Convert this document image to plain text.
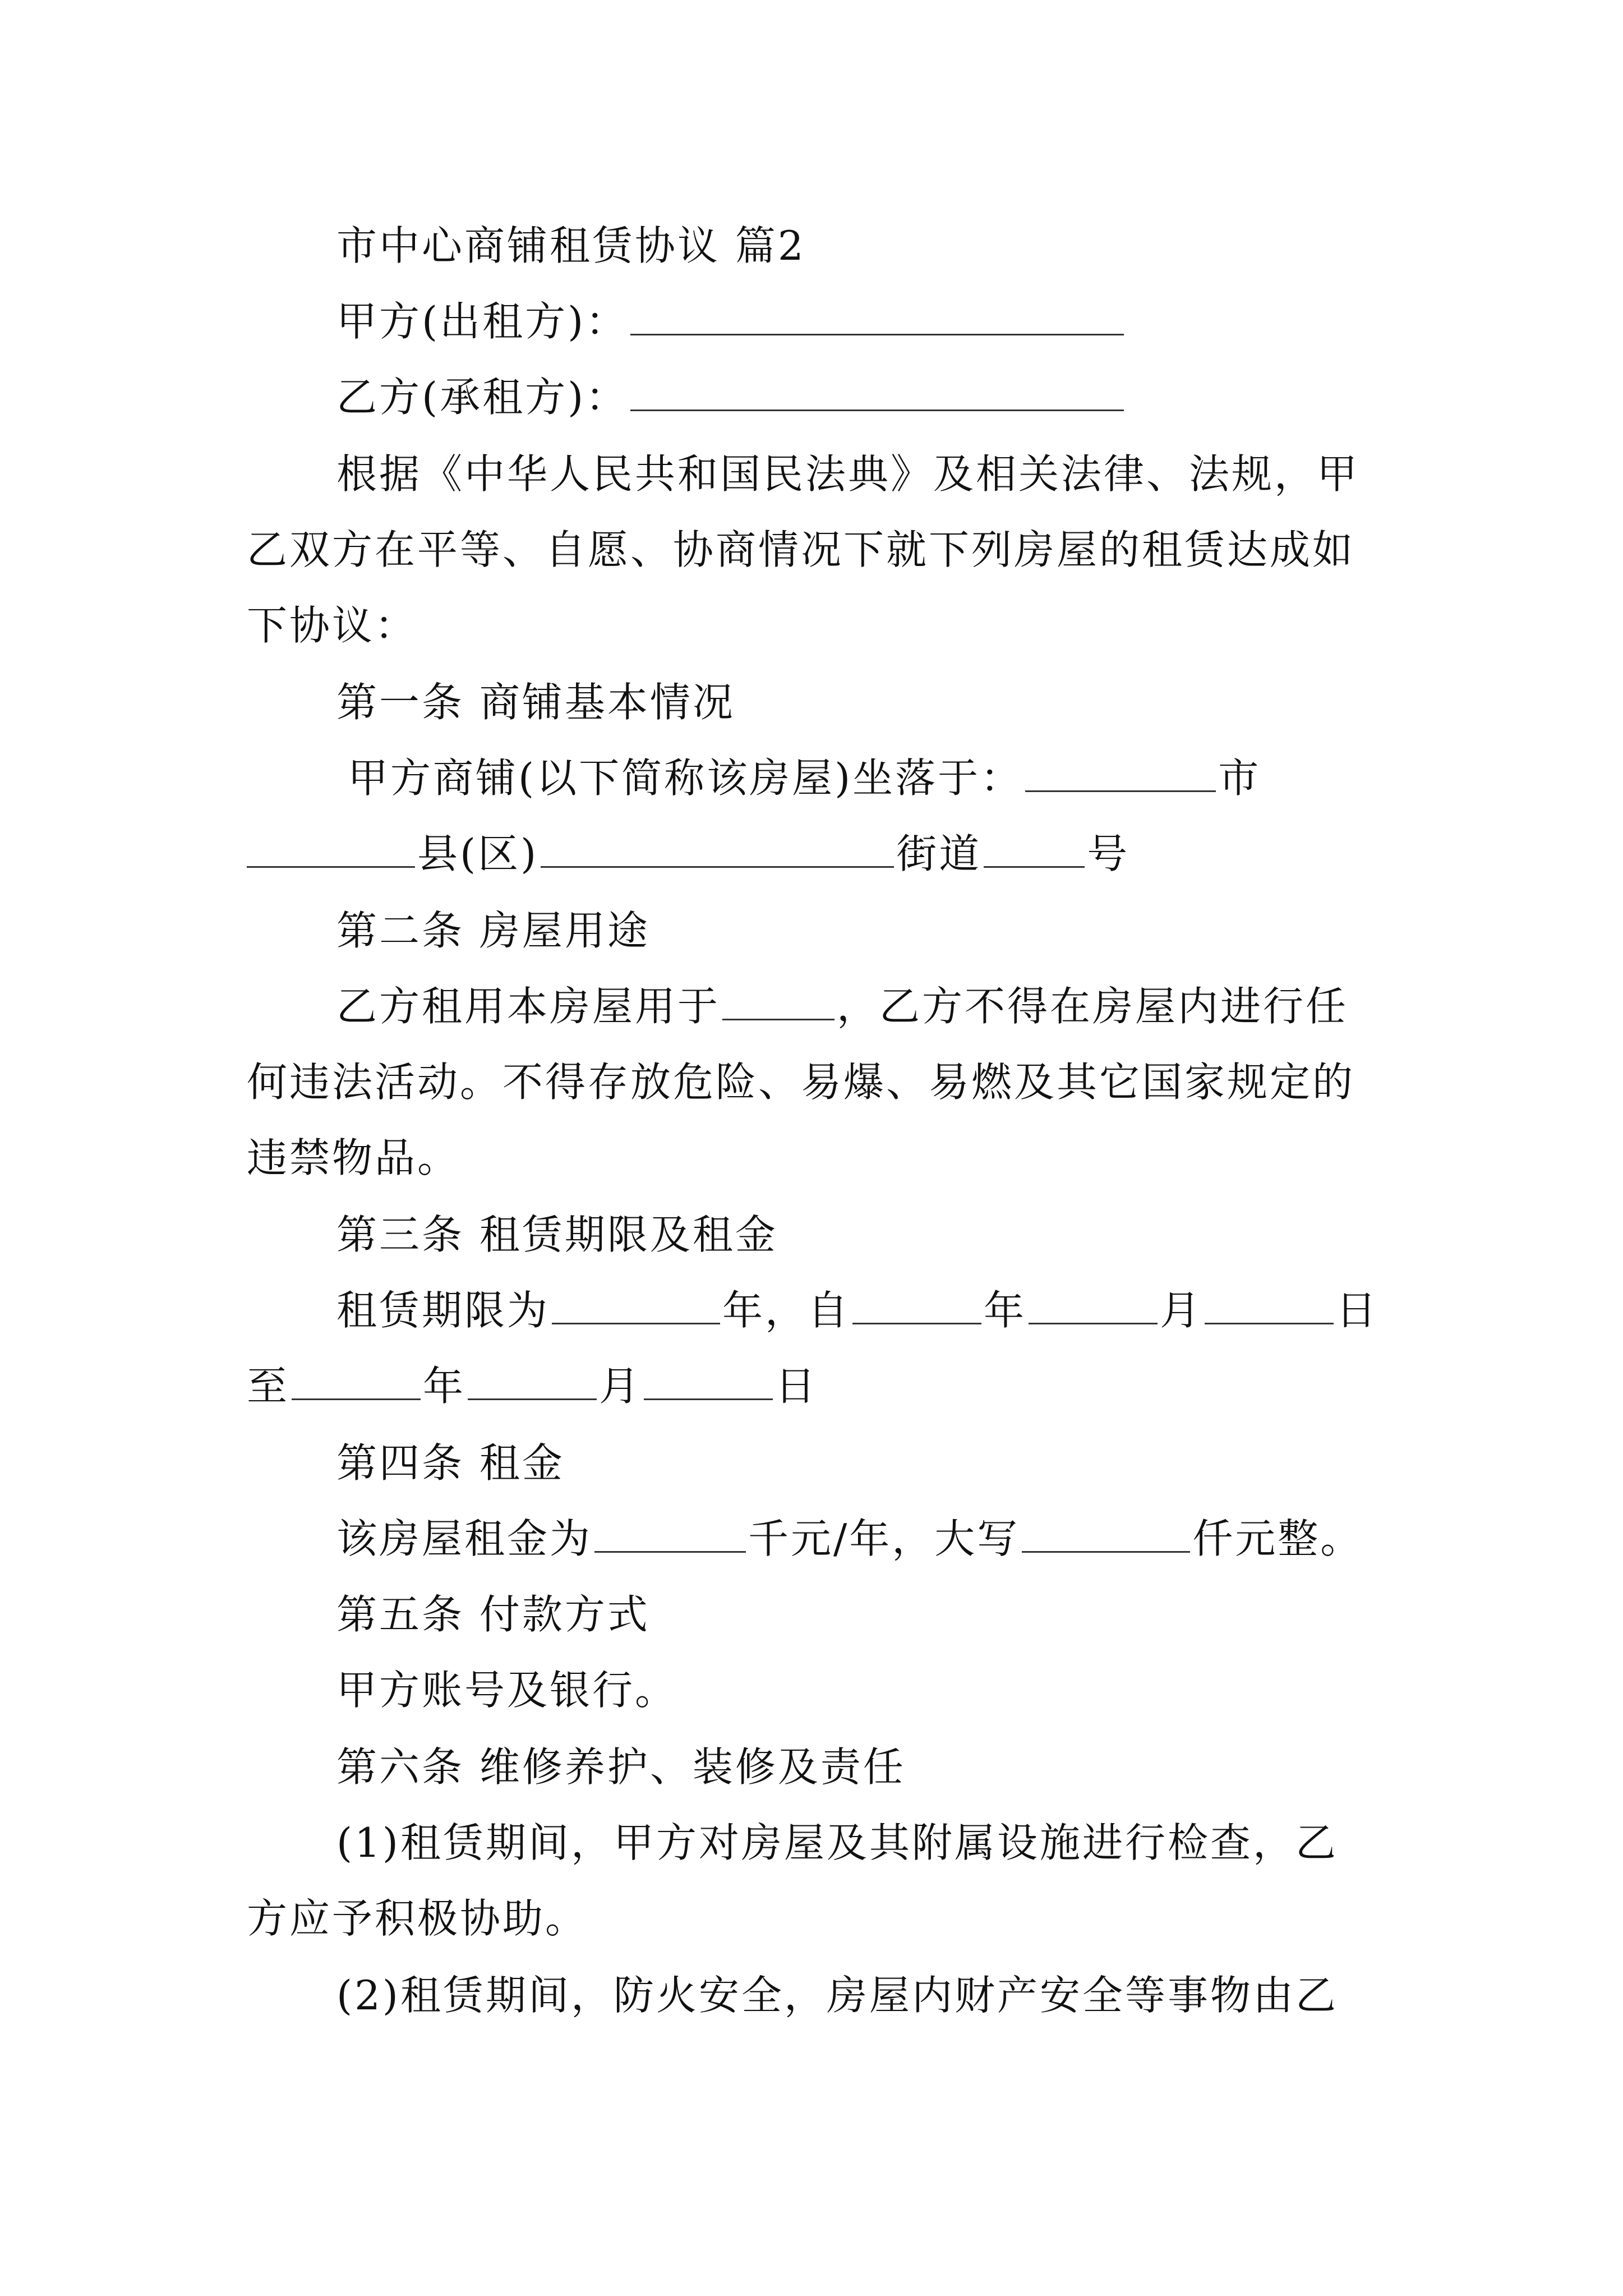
市中心商铺租赁协议 篇2
甲方(出租方)：
乙方(承租方)：
根据《中华人民共和国民法典》及相关法律、法规，甲
乙双方在平等、自愿、协商情况下就下列房屋的租赁达成如
下协议：
第一条 商铺基本情况
甲方商铺(以下简称该房屋)坐落于：	市
县(区)	街道	号
第二条 房屋用途
乙方租用本房屋用于	，乙方不得在房屋内进行任
何违法活动。不得存放危险、易爆、易燃及其它国家规定的
违禁物品。
第三条 租赁期限及租金
租赁期限为	年，自	年	月	日
至	年	月	日
第四条 租金
该房屋租金为	千元/年，大写	仟元整。
第五条 付款方式
甲方账号及银行。
第六条 维修养护、装修及责任
(1)租赁期间，甲方对房屋及其附属设施进行检查，乙
方应予积极协助。
(2)租赁期间，防火安全，房屋内财产安全等事物由乙
